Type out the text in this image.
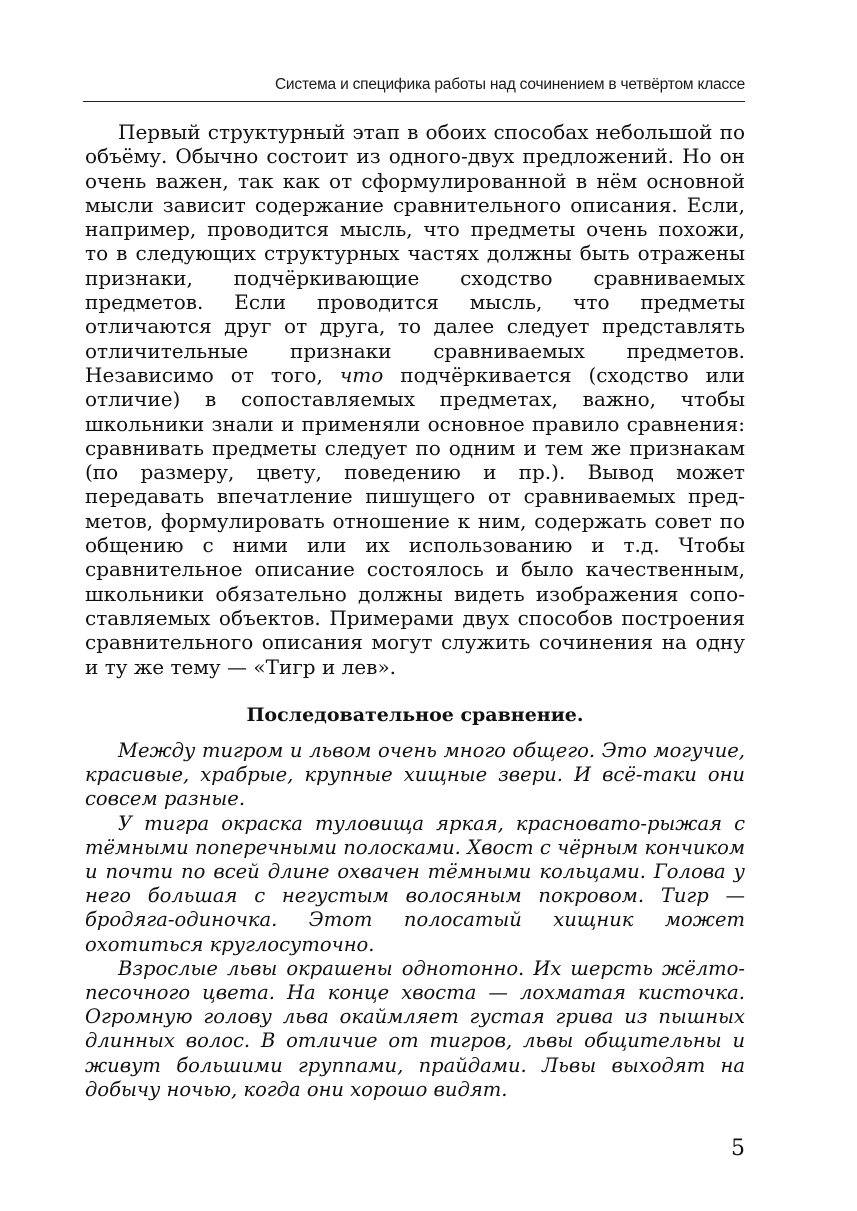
Система и специфика работы над сочинением в четвёртом классе

Первый структурный этап в обоих способах небольшой по объёму. Обычно состоит из одного-двух предложений. Но он очень важен, так как от сформулированной в нём основной мысли зависит содержание сравнительного описания. Если, например, проводится мысль, что предметы очень похожи, то в следующих структурных частях должны быть отражены признаки, подчёркивающие сходство сравниваемых предметов. Если проводится мысль, что предметы отличаются друг от друга, то далее следует представлять отличительные признаки сравниваемых предметов. Независимо от того, что подчёркивается (сходство или отличие) в сопоставляемых предметах, важно, чтобы школьники знали и применяли основное правило сравнения: сравнивать предметы следует по одним и тем же признакам (по размеру, цвету, поведению и пр.). Вывод может передавать впечатление пишущего от сравниваемых предметов, формулировать отношение к ним, содержать совет по общению с ними или их использованию и т.д. Чтобы сравнительное описание состоялось и было качественным, школьники обязательно должны видеть изображения сопоставляемых объектов. Примерами двух способов построения сравнительного описания могут служить сочинения на одну и ту же тему — «Тигр и лев».

Последовательное сравнение.

Между тигром и львом очень много общего. Это могучие, красивые, храбрые, крупные хищные звери. И всё-таки они совсем разные.

У тигра окраска туловища яркая, красновато-рыжая с тёмными поперечными полосками. Хвост с чёрным кончиком и почти по всей длине охвачен тёмными кольцами. Голова у него большая с негустым волосяным покровом. Тигр — бродяга-одиночка. Этот полосатый хищник может охотиться круглосуточно.

Взрослые львы окрашены однотонно. Их шерсть жёлто-песочного цвета. На конце хвоста — лохматая кисточка. Огромную голову льва окаймляет густая грива из пышных длинных волос. В отличие от тигров, львы общительны и живут большими группами, прайдами. Львы выходят на добычу ночью, когда они хорошо видят.

5
